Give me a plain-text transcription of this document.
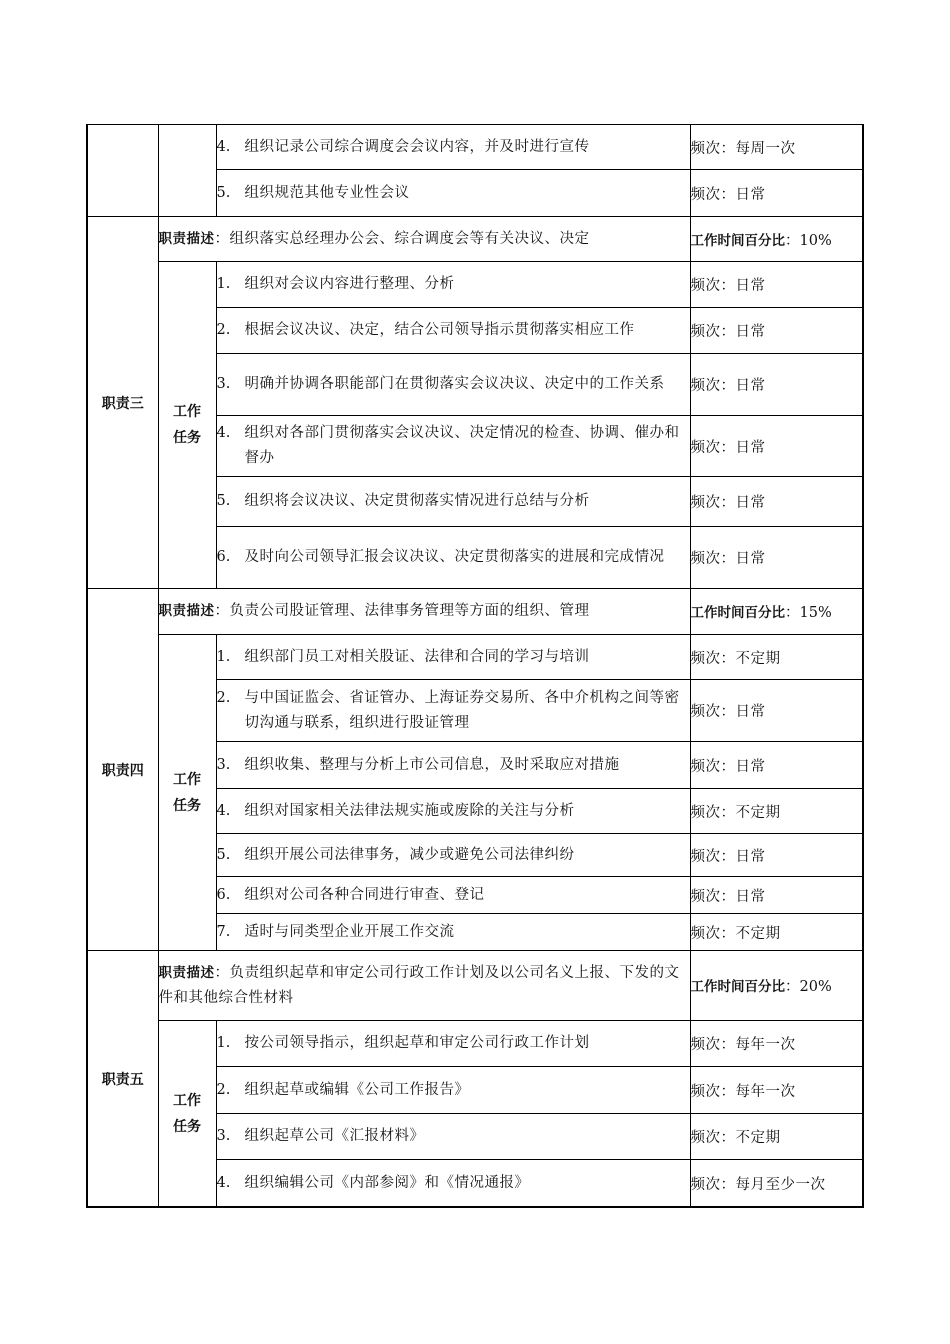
		4. 组织记录公司综合调度会会议内容，并及时进行宣传	频次：每周一次

		5. 组织规范其他专业性会议	频次：日常
职责三	职责描述：组织落实总经理办公会、综合调度会等有关决议、决定		工作时间百分比：10%

	工作
任务	1. 组织对会议内容进行整理、分析	频次：日常

		2. 根据会议决议、决定，结合公司领导指示贯彻落实相应工作	频次：日常

		3. 明确并协调各职能部门在贯彻落实会议决议、决定中的工作关系	频次：日常

		4. 组织对各部门贯彻落实会议决议、决定情况的检查、协调、催办和督办	频次：日常

		5. 组织将会议决议、决定贯彻落实情况进行总结与分析	频次：日常

		6. 及时向公司领导汇报会议决议、决定贯彻落实的进展和完成情况	频次：日常
职责四	职责描述：负责公司股证管理、法律事务管理等方面的组织、管理		工作时间百分比：15%

	工作
任务	1. 组织部门员工对相关股证、法律和合同的学习与培训	频次：不定期

		2. 与中国证监会、省证管办、上海证券交易所、各中介机构之间等密切沟通与联系，组织进行股证管理	频次：日常

		3. 组织收集、整理与分析上市公司信息，及时采取应对措施	频次：日常

		4. 组织对国家相关法律法规实施或废除的关注与分析	频次：不定期

		5. 组织开展公司法律事务，减少或避免公司法律纠纷	频次：日常

		6. 组织对公司各种合同进行审查、登记	频次：日常

		7. 适时与同类型企业开展工作交流	频次：不定期
职责五	职责描述：负责组织起草和审定公司行政工作计划及以公司名义上报、下发的文件和其他综合性材料		工作时间百分比：20%

	工作
任务	1. 按公司领导指示，组织起草和审定公司行政工作计划	频次：每年一次

		2. 组织起草或编辑《公司工作报告》	频次：每年一次

		3. 组织起草公司《汇报材料》	频次：不定期

		4. 组织编辑公司《内部参阅》和《情况通报》	频次：每月至少一次
